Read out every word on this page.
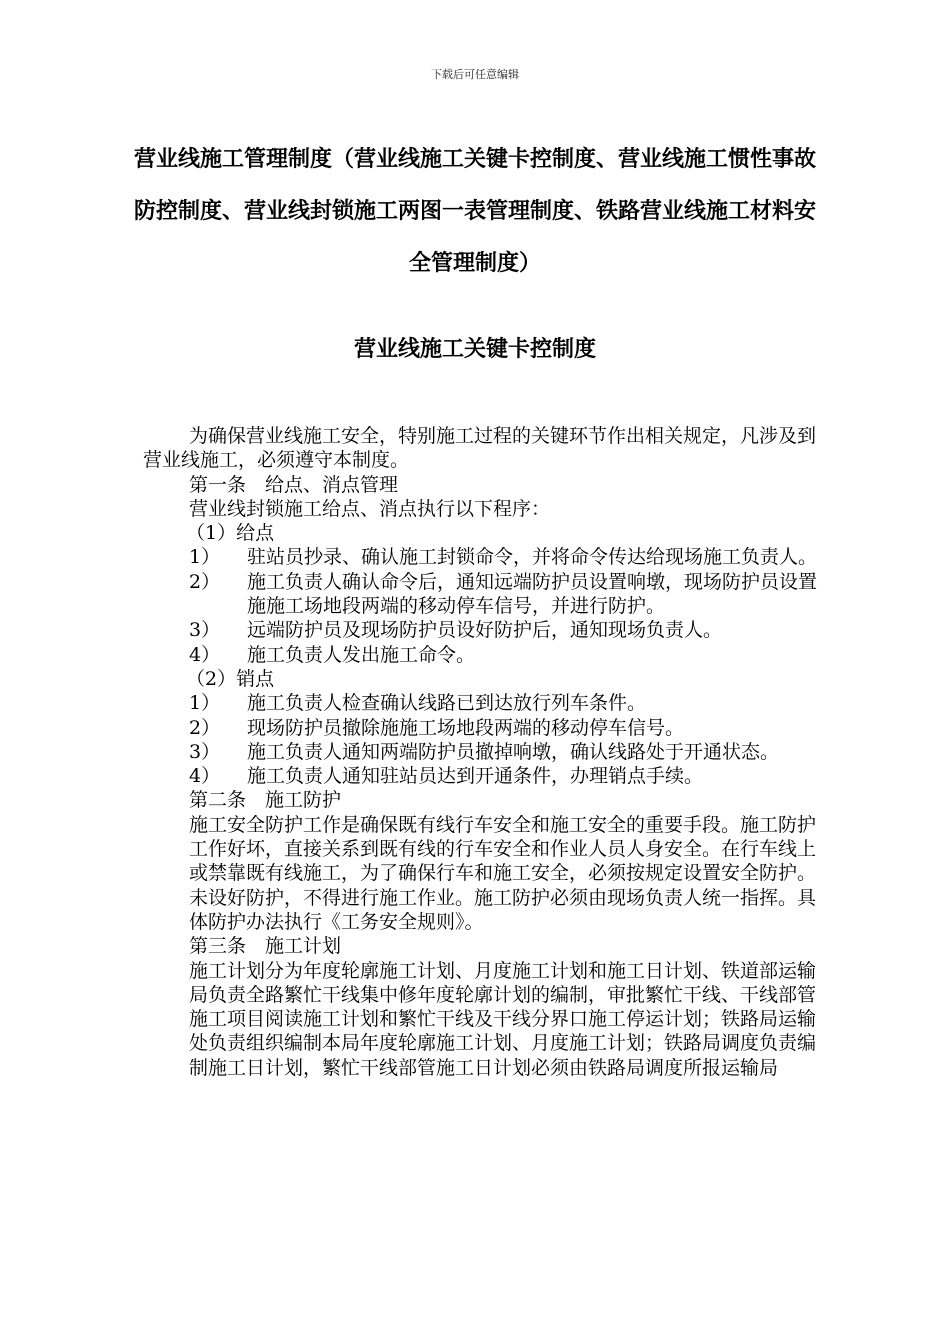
下载后可任意编辑
营业线施工管理制度（营业线施工关键卡控制度、营业线施工惯性事故防控制度、营业线封锁施工两图一表管理制度、铁路营业线施工材料安全管理制度）
营业线施工关键卡控制度

为确保营业线施工安全，特别施工过程的关键环节作出相关规定，凡涉及到营业线施工，必须遵守本制度。

第一条　给点、消点管理

营业线封锁施工给点、消点执行以下程序：

（1）给点

1）	驻站员抄录、确认施工封锁命令，并将命令传达给现场施工负责人。
2）	施工负责人确认命令后，通知远端防护员设置响墩，现场防护员设置施施工场地段两端的移动停车信号，并进行防护。
3）	远端防护员及现场防护员设好防护后，通知现场负责人。
4）	施工负责人发出施工命令。

（2）销点

1）	施工负责人检查确认线路已到达放行列车条件。
2）	现场防护员撤除施施工场地段两端的移动停车信号。
3）	施工负责人通知两端防护员撤掉响墩，确认线路处于开通状态。
4）	施工负责人通知驻站员达到开通条件，办理销点手续。

第二条　施工防护

施工安全防护工作是确保既有线行车安全和施工安全的重要手段。施工防护工作好坏，直接关系到既有线的行车安全和作业人员人身安全。在行车线上或禁靠既有线施工，为了确保行车和施工安全，必须按规定设置安全防护。未设好防护，不得进行施工作业。施工防护必须由现场负责人统一指挥。具体防护办法执行《工务安全规则》。

第三条　施工计划

施工计划分为年度轮廓施工计划、月度施工计划和施工日计划、铁道部运输局负责全路繁忙干线集中修年度轮廓计划的编制，审批繁忙干线、干线部管施工项目阅读施工计划和繁忙干线及干线分界口施工停运计划；铁路局运输处负责组织编制本局年度轮廓施工计划、月度施工计划；铁路局调度负责编制施工日计划，繁忙干线部管施工日计划必须由铁路局调度所报运输局
